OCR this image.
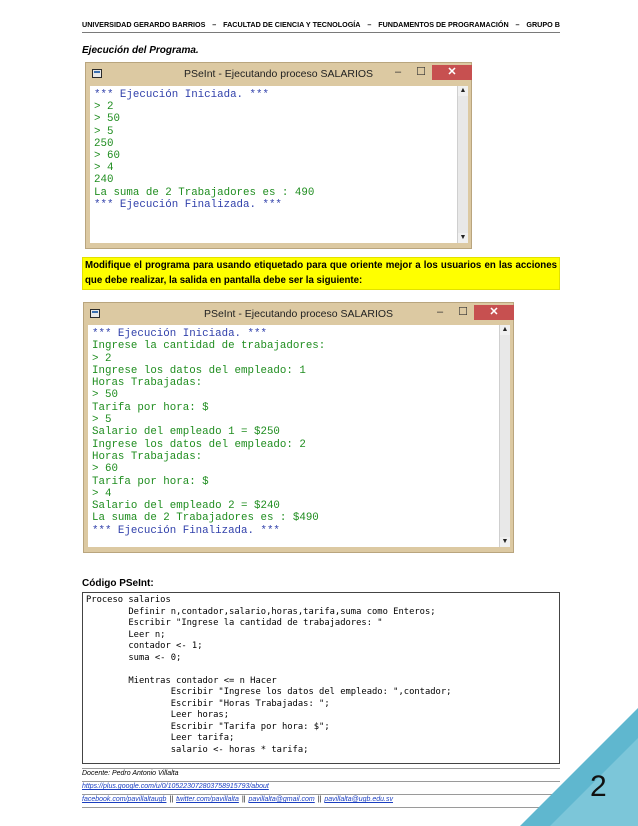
UNIVERSIDAD GERARDO BARRIOS – FACULTAD DE CIENCIA Y TECNOLOGÍA – FUNDAMENTOS DE PROGRAMACIÓN – GRUPO B
Ejecución del Programa.
PSeInt - Ejecutando proceso SALARIOS	–	☐	✕
*** Ejecución Iniciada. ***
> 2
> 50
> 5
250
> 60
> 4
240
La suma de 2 Trabajadores es : 490
*** Ejecución Finalizada. ***
▲
▼
Modifique el programa para usando etiquetado para que oriente mejor a los usuarios en las acciones que debe realizar, la salida en pantalla debe ser la siguiente:
PSeInt - Ejecutando proceso SALARIOS	–	☐	✕
*** Ejecución Iniciada. ***
Ingrese la cantidad de trabajadores:
> 2
Ingrese los datos del empleado: 1
Horas Trabajadas:
> 50
Tarifa por hora: $
> 5
Salario del empleado 1 = $250
Ingrese los datos del empleado: 2
Horas Trabajadas:
> 60
Tarifa por hora: $
> 4
Salario del empleado 2 = $240
La suma de 2 Trabajadores es : $490
*** Ejecución Finalizada. ***
▲
▼
Código PSeInt:
Proceso salarios
Definir n,contador,salario,horas,tarifa,suma como Enteros;
Escribir "Ingrese la cantidad de trabajadores: "
Leer n;
contador <- 1;
suma <- 0;
Mientras contador <= n Hacer
Escribir "Ingrese los datos del empleado: ",contador;
Escribir "Horas Trabajadas: ";
Leer horas;
Escribir "Tarifa por hora: $";
Leer tarifa;
salario <- horas * tarifa;
Docente: Pedro Antonio Villalta
https://plus.google.com/u/0/105223072803758915793/about
facebook.com/pavillaltaugb || twitter.com/pavillalta || pavillalta@gmail.com || pavillalta@ugb.edu.sv	2
